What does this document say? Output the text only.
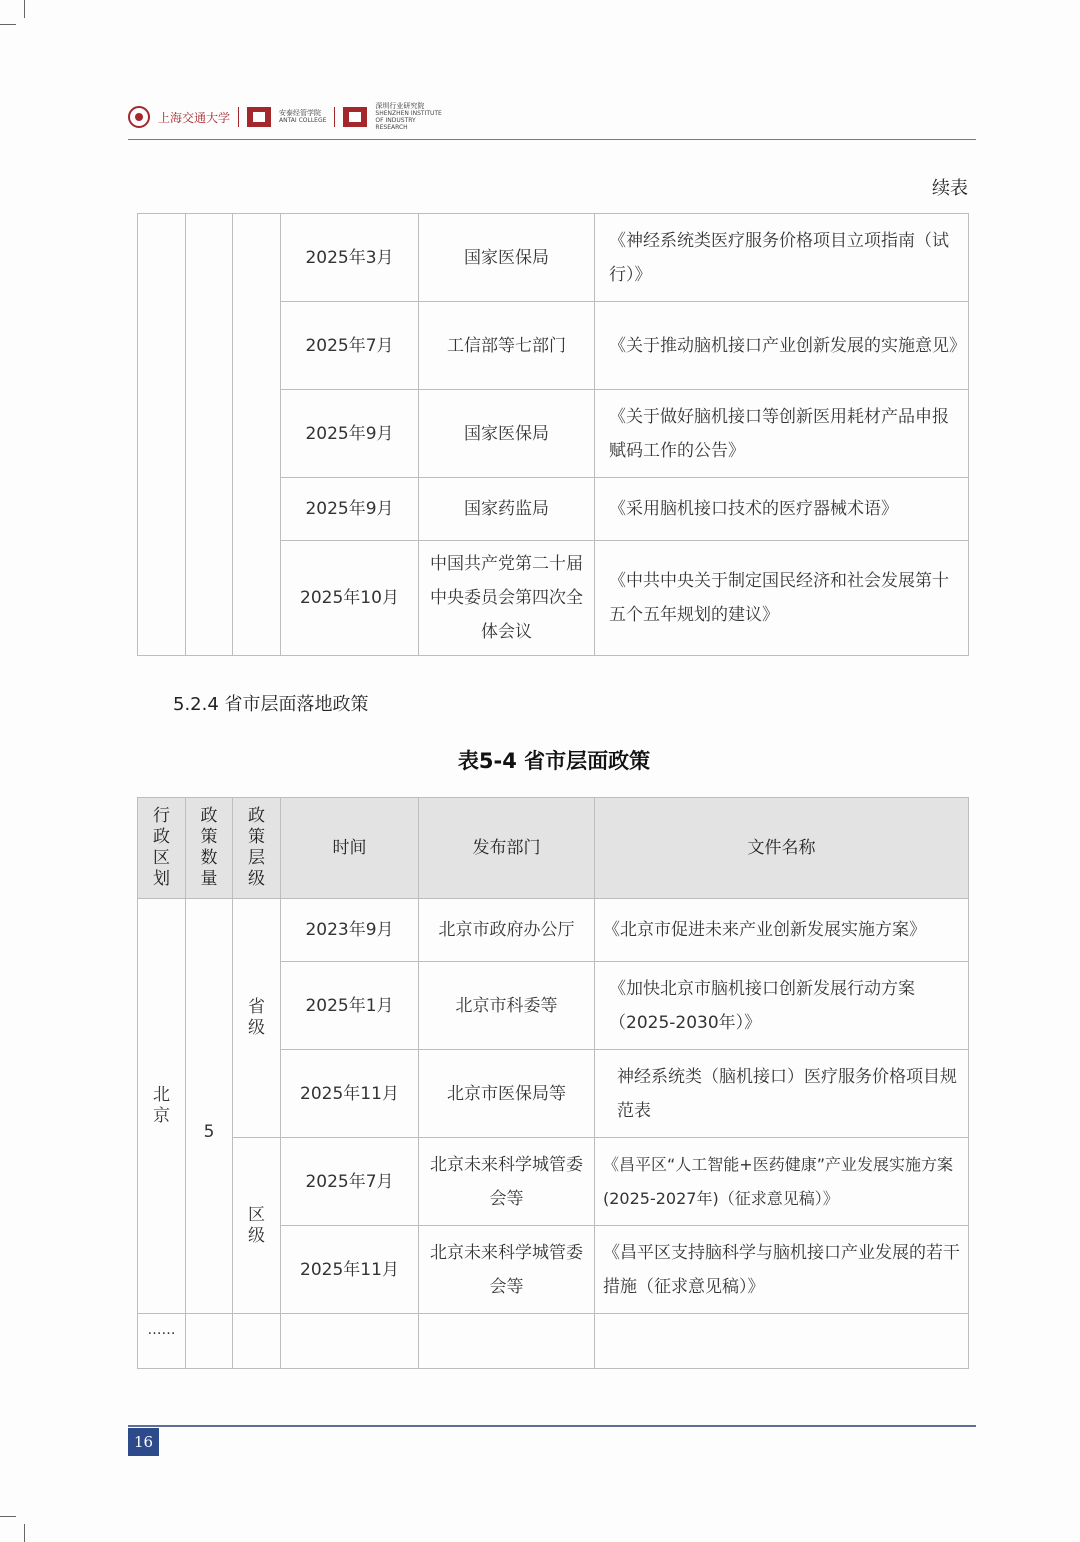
上海交通大学	安泰经管学院
ANTAI COLLEGE
深圳行业研究院
SHENZHEN INSTITUTE OF INDUSTRY RESEARCH
续表
			2025年3月	国家医保局	《神经系统类医疗服务价格项目立项指南（试行）》
			2025年7月	工信部等七部门	《关于推动脑机接口产业创新发展的实施意见》
			2025年9月	国家医保局	《关于做好脑机接口等创新医用耗材产品申报赋码工作的公告》
			2025年9月	国家药监局	《采用脑机接口技术的医疗器械术语》
			2025年10月	中国共产党第二十届中央委员会第四次全体会议	《中共中央关于制定国民经济和社会发展第十五个五年规划的建议》
5.2.4 省市层面落地政策
表5-4 省市层面政策
行政区划	政策数量	政策层级	时间	发布部门	文件名称
北京	5	省级	2023年9月	北京市政府办公厅	《北京市促进未来产业创新发展实施方案》
			2025年1月	北京市科委等	《加快北京市脑机接口创新发展行动方案（2025-2030年）》
			2025年11月	北京市医保局等	神经系统类（脑机接口）医疗服务价格项目规范表
		区级	2025年7月	北京未来科学城管委会等	《昌平区“人工智能+医药健康”产业发展实施方案(2025-2027年)（征求意见稿）》
			2025年11月	北京未来科学城管委会等	《昌平区支持脑科学与脑机接口产业发展的若干措施（征求意见稿）》
……					
16
